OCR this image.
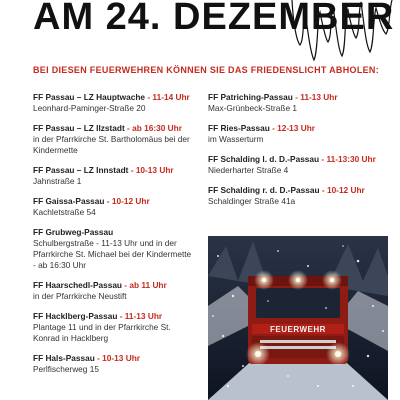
AM 24. DEZEMBER
BEI DIESEN FEUERWEHREN KÖNNEN SIE DAS FRIEDENSLICHT ABHOLEN:
FF Passau – LZ Hauptwache - 11-14 Uhr
Leonhard-Paminger-Straße 20
FF Passau – LZ Ilzstadt - ab 16:30 Uhr
in der Pfarrkirche St. Bartholomäus bei der Kindermette
FF Passau – LZ Innstadt - 10-13 Uhr
Jahnstraße 1
FF Gaissa-Passau - 10-12 Uhr
Kachletstraße 54
FF Grubweg-Passau
Schulbergstraße - 11-13 Uhr und in der Pfarrkirche St. Michael bei der Kindermette - ab 16:30 Uhr
FF Haarschedl-Passau - ab 11 Uhr
in der Pfarrkirche Neustift
FF Hacklberg-Passau - 11-13 Uhr
Plantage 11 und in der Pfarrkirche St. Konrad in Hacklberg
FF Hals-Passau - 10-13 Uhr
Perlfischerweg 15
FF Patriching-Passau - 11-13 Uhr
Max-Grünbeck-Straße 1
FF Ries-Passau - 12-13 Uhr
im Wasserturm
FF Schalding l. d. D.-Passau - 11-13:30 Uhr
Niederharter Straße 4
FF Schalding r. d. D.-Passau - 10-12 Uhr
Schaldinger Straße 41a
FEUERWEHR
